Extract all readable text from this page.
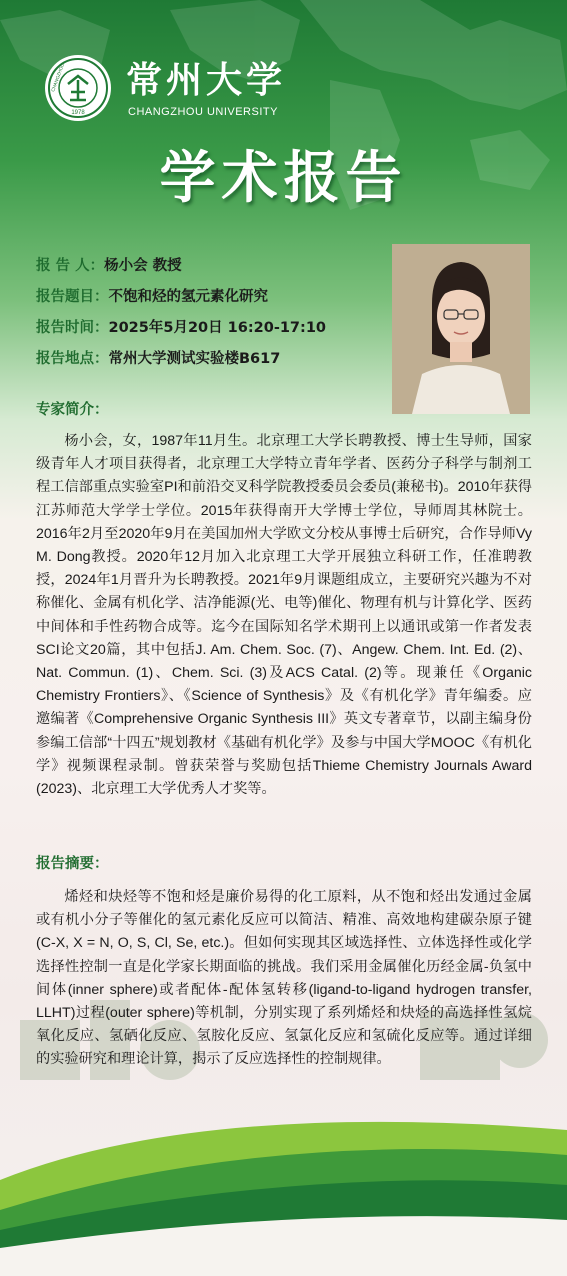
1978
CHANGZHOU 常州大学
CHANGZHOU UNIVERSITY
学术报告
报 告 人：杨小会 教授
报告题目：不饱和烃的氢元素化研究
报告时间：2025年5月20日 16:20-17:10
报告地点：常州大学测试实验楼B617
专家简介：

杨小会，女，1987年11月生。北京理工大学长聘教授、博士生导师，国家级青年人才项目获得者，北京理工大学特立青年学者、医药分子科学与制剂工程工信部重点实验室PI和前沿交叉科学院教授委员会委员(兼秘书)。2010年获得江苏师范大学学士学位。2015年获得南开大学博士学位，导师周其林院士。2016年2月至2020年9月在美国加州大学欧文分校从事博士后研究，合作导师Vy M. Dong教授。2020年12月加入北京理工大学开展独立科研工作，任准聘教授，2024年1月晋升为长聘教授。2021年9月课题组成立，主要研究兴趣为不对称催化、金属有机化学、洁净能源(光、电等)催化、物理有机与计算化学、医药中间体和手性药物合成等。迄今在国际知名学术期刊上以通讯或第一作者发表SCI论文20篇，其中包括J. Am. Chem. Soc. (7)、Angew. Chem. Int. Ed. (2)、Nat. Commun. (1)、Chem. Sci. (3)及ACS Catal. (2)等。现兼任《Organic Chemistry Frontiers》、《Science of Synthesis》及《有机化学》青年编委。应邀编著《Comprehensive Organic Synthesis III》英文专著章节，以副主编身份参编工信部“十四五”规划教材《基础有机化学》及参与中国大学MOOC《有机化学》视频课程录制。曾获荣誉与奖励包括Thieme Chemistry Journals Award (2023)、北京理工大学优秀人才奖等。

报告摘要：

烯烃和炔烃等不饱和烃是廉价易得的化工原料，从不饱和烃出发通过金属或有机小分子等催化的氢元素化反应可以简洁、精准、高效地构建碳杂原子键(C-X, X = N, O, S, Cl, Se, etc.)。但如何实现其区域选择性、立体选择性或化学选择性控制一直是化学家长期面临的挑战。我们采用金属催化历经金属-负氢中间体(inner sphere)或者配体-配体氢转移(ligand-to-ligand hydrogen transfer, LLHT)过程(outer sphere)等机制，分别实现了系列烯烃和炔烃的高选择性氢烷氧化反应、氢硒化反应、氢胺化反应、氢氯化反应和氢硫化反应等。通过详细的实验研究和理论计算，揭示了反应选择性的控制规律。
